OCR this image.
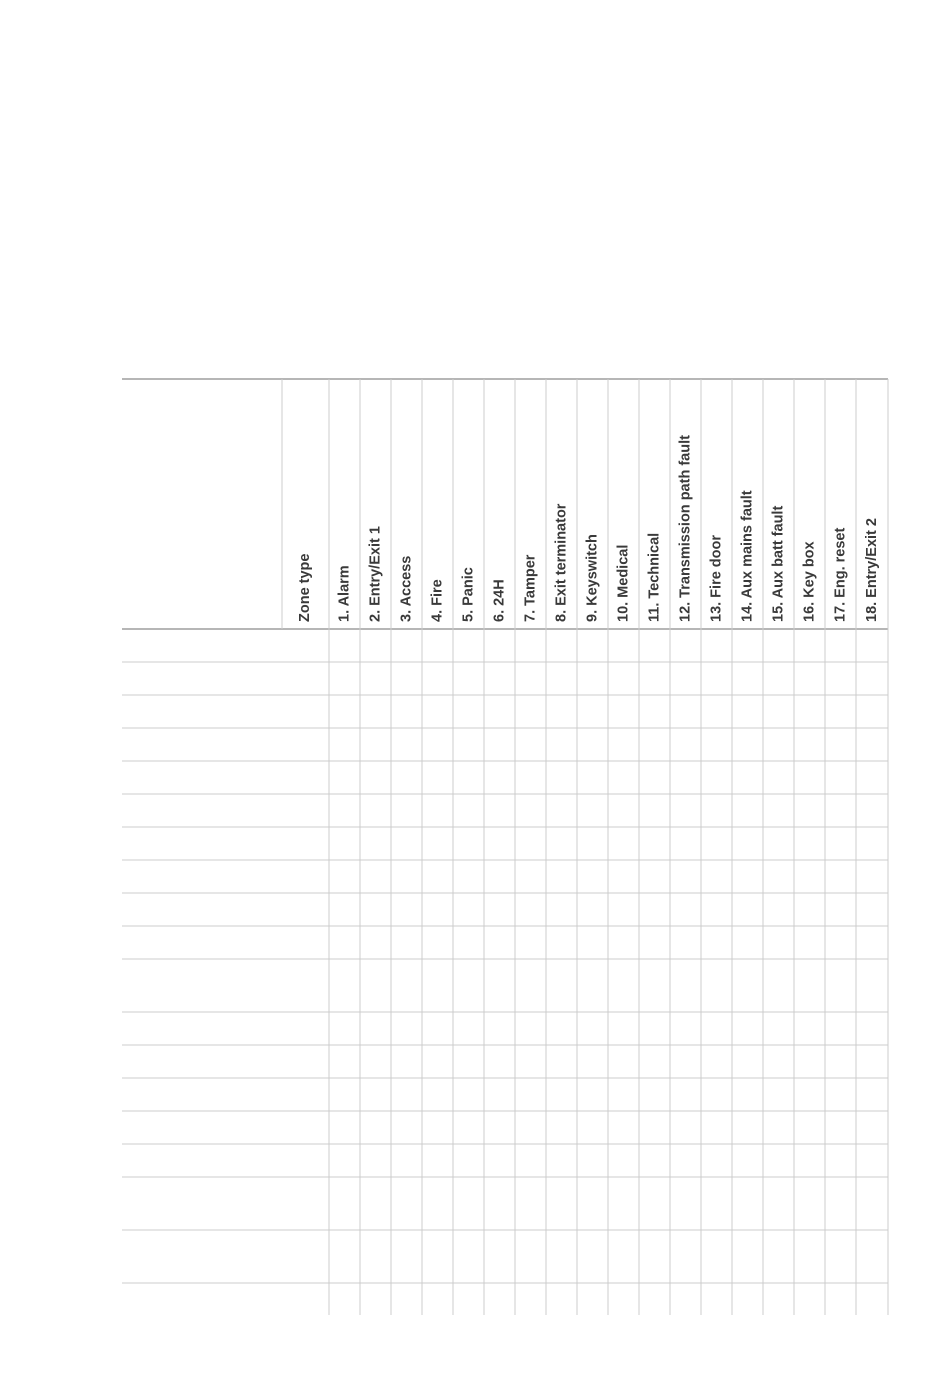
Zone type 1. Alarm 2. Entry/Exit 1 3. Access 4. Fire 5. Panic 6. 24H 7. Tamper 8. Exit terminator 9. Keyswitch 10. Medical 11. Technical 12. Transmission path fault 13. Fire door 14. Aux mains fault 15. Aux batt fault 16. Key box 17. Eng. reset 18. Entry/Exit 2
